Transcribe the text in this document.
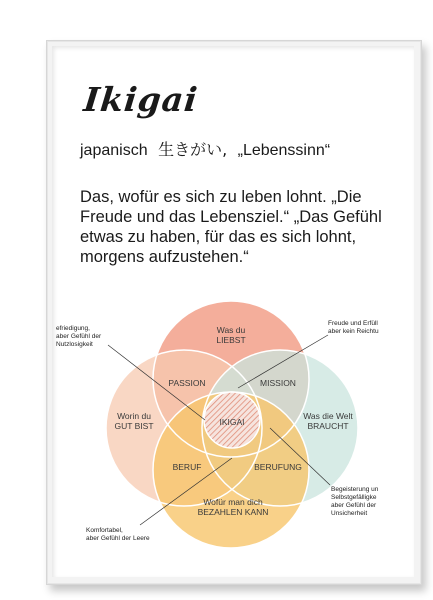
Ikigai
japanisch 生きがい, „Lebenssinn“
Das, wofür es sich zu leben lohnt. „Die
Freude und das Lebensziel.“ „Das Gefühl
etwas zu haben, für das es sich lohnt,
morgens aufzustehen.“
Was du
LIEBST
Worin du
GUT BIST
Was die Welt
BRAUCHT
Wofür man dich
BEZAHLEN KANN
PASSION	MISSION
BERUF	BERUFUNG
IKIGAI
efriedigung,
aber Gefühl der
Nutzlosigkeit
Freude und Erfüll
aber kein Reichtu
Komfortabel,
aber Gefühl der Leere
Begeisterung un
Selbstgefälligke
aber Gefühl der
Unsicherheit
